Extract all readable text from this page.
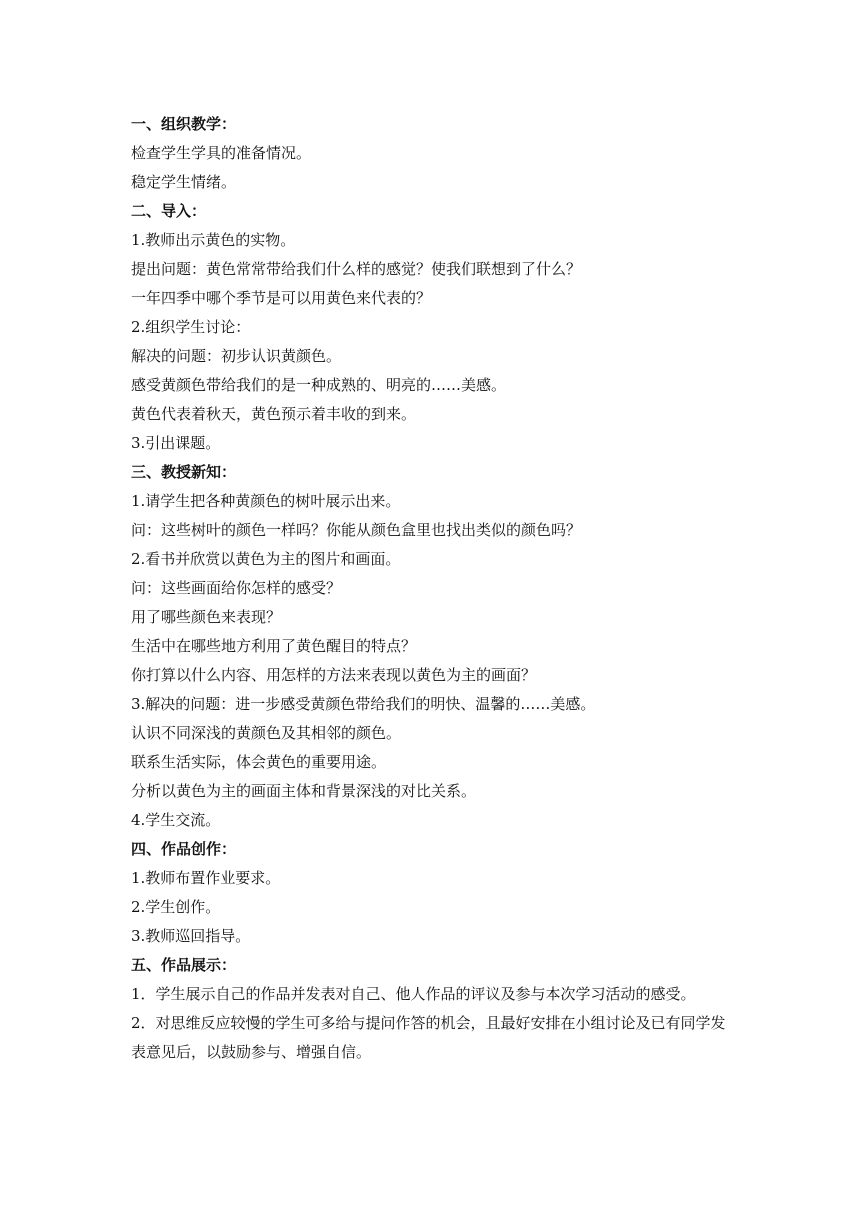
一、组织教学：
检查学生学具的准备情况。
稳定学生情绪。
二、导入：
1.教师出示黄色的实物。
提出问题：黄色常常带给我们什么样的感觉？使我们联想到了什么？
一年四季中哪个季节是可以用黄色来代表的？
2.组织学生讨论：
解决的问题：初步认识黄颜色。
感受黄颜色带给我们的是一种成熟的、明亮的……美感。
黄色代表着秋天，黄色预示着丰收的到来。
3.引出课题。
三、教授新知：
1.请学生把各种黄颜色的树叶展示出来。
问：这些树叶的颜色一样吗？你能从颜色盒里也找出类似的颜色吗？
2.看书并欣赏以黄色为主的图片和画面。
问：这些画面给你怎样的感受？
用了哪些颜色来表现？
生活中在哪些地方利用了黄色醒目的特点？
你打算以什么内容、用怎样的方法来表现以黄色为主的画面？
3.解决的问题：进一步感受黄颜色带给我们的明快、温馨的……美感。
认识不同深浅的黄颜色及其相邻的颜色。
联系生活实际，体会黄色的重要用途。
分析以黄色为主的画面主体和背景深浅的对比关系。
4.学生交流。
四、作品创作：
1.教师布置作业要求。
2.学生创作。
3.教师巡回指导。
五、作品展示：
1．学生展示自己的作品并发表对自己、他人作品的评议及参与本次学习活动的感受。
2．对思维反应较慢的学生可多给与提问作答的机会，且最好安排在小组讨论及已有同学发表意见后，以鼓励参与、增强自信。
